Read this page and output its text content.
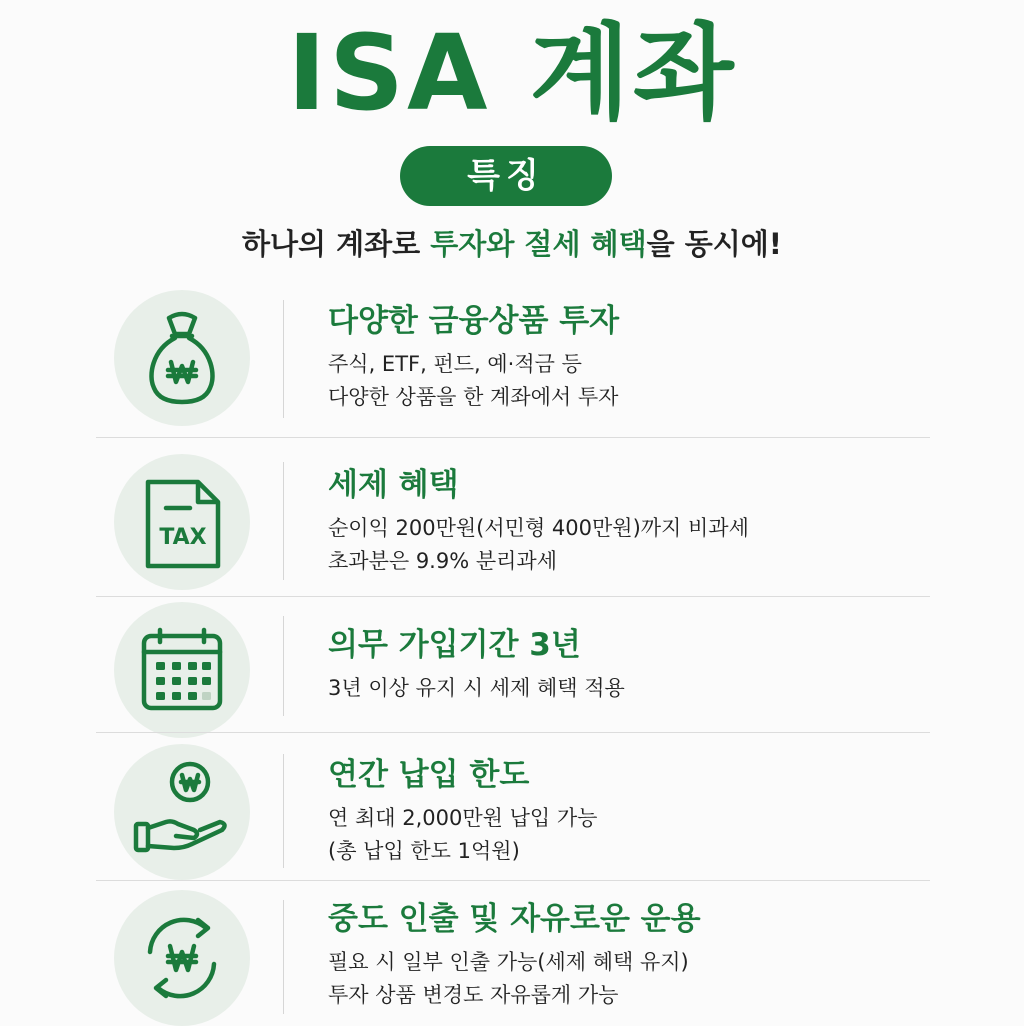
ISA 계좌
특징
하나의 계좌로 투자와 절세 혜택을 동시에!
다양한 금융상품 투자
주식, ETF, 펀드, 예·적금 등
다양한 상품을 한 계좌에서 투자
TAX
세제 혜택
순이익 200만원(서민형 400만원)까지 비과세
초과분은 9.9% 분리과세
의무 가입기간 3년
3년 이상 유지 시 세제 혜택 적용
연간 납입 한도
연 최대 2,000만원 납입 가능
(총 납입 한도 1억원)
중도 인출 및 자유로운 운용
필요 시 일부 인출 가능(세제 혜택 유지)
투자 상품 변경도 자유롭게 가능
